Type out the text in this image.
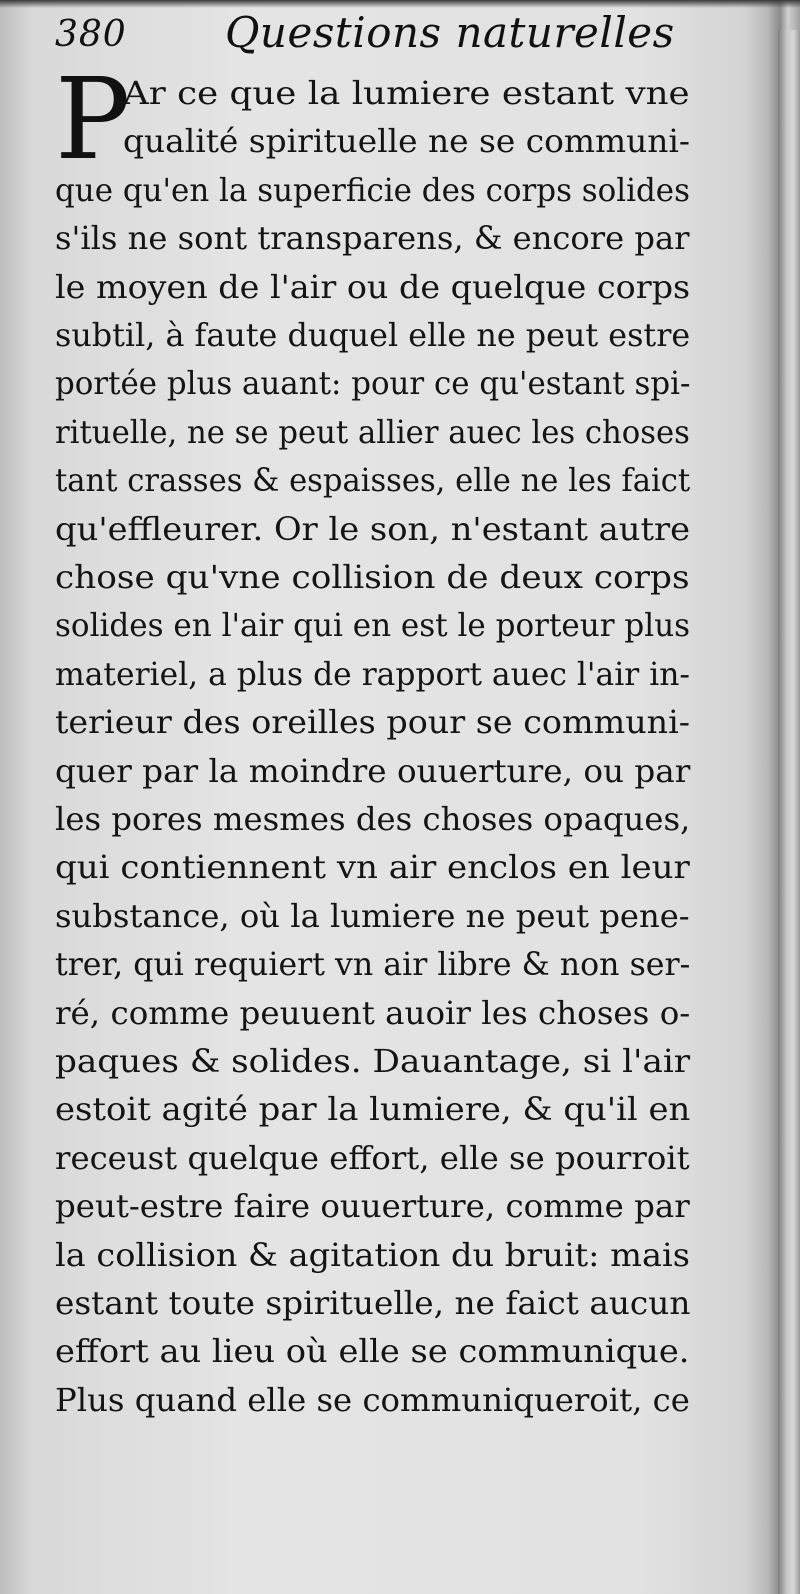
380 Questions naturelles
P
Ar ce que la lumiere estant vne
qualité spirituelle ne se communi-
que qu'en la superficie des corps solides
s'ils ne sont transparens, & encore par
le moyen de l'air ou de quelque corps
subtil, à faute duquel elle ne peut estre
portée plus auant: pour ce qu'estant spi-
rituelle, ne se peut allier auec les choses
tant crasses & espaisses, elle ne les faict
qu'effleurer. Or le son, n'estant autre
chose qu'vne collision de deux corps
solides en l'air qui en est le porteur plus
materiel, a plus de rapport auec l'air in-
terieur des oreilles pour se communi-
quer par la moindre ouuerture, ou par
les pores mesmes des choses opaques,
qui contiennent vn air enclos en leur
substance, où la lumiere ne peut pene-
trer, qui requiert vn air libre & non ser-
ré, comme peuuent auoir les choses o-
paques & solides. Dauantage, si l'air
estoit agité par la lumiere, & qu'il en
receust quelque effort, elle se pourroit
peut-estre faire ouuerture, comme par
la collision & agitation du bruit: mais
estant toute spirituelle, ne faict aucun
effort au lieu où elle se communique.
Plus quand elle se communiqueroit, ce
